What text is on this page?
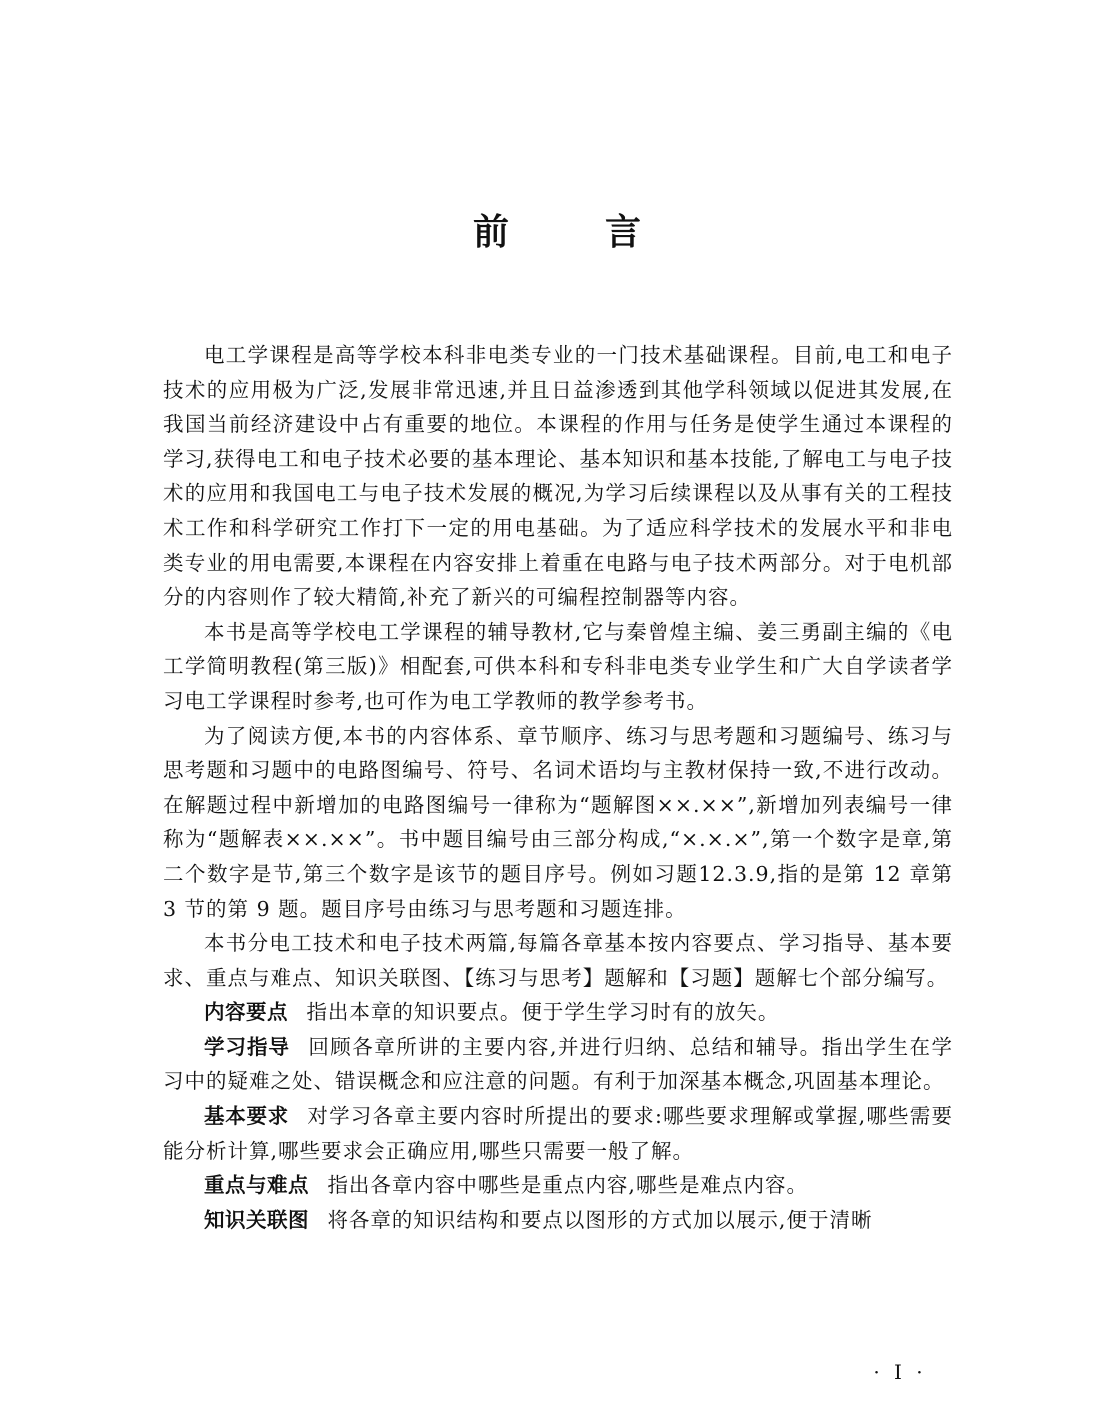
前言

电工学课程是高等学校本科非电类专业的一门技术基础课程。目前,电工和电子技术的应用极为广泛,发展非常迅速,并且日益渗透到其他学科领域以促进其发展,在我国当前经济建设中占有重要的地位。本课程的作用与任务是使学生通过本课程的学习,获得电工和电子技术必要的基本理论、基本知识和基本技能,了解电工与电子技术的应用和我国电工与电子技术发展的概况,为学习后续课程以及从事有关的工程技术工作和科学研究工作打下一定的用电基础。为了适应科学技术的发展水平和非电类专业的用电需要,本课程在内容安排上着重在电路与电子技术两部分。对于电机部分的内容则作了较大精简,补充了新兴的可编程控制器等内容。

本书是高等学校电工学课程的辅导教材,它与秦曾煌主编、姜三勇副主编的《电工学简明教程(第三版)》相配套,可供本科和专科非电类专业学生和广大自学读者学习电工学课程时参考,也可作为电工学教师的教学参考书。

为了阅读方便,本书的内容体系、章节顺序、练习与思考题和习题编号、练习与思考题和习题中的电路图编号、符号、名词术语均与主教材保持一致,不进行改动。在解题过程中新增加的电路图编号一律称为“题解图××.××”,新增加列表编号一律称为“题解表××.××”。书中题目编号由三部分构成,“×.×.×”,第一个数字是章,第二个数字是节,第三个数字是该节的题目序号。例如习题12.3.9,指的是第 12 章第 3 节的第 9 题。题目序号由练习与思考题和习题连排。

本书分电工技术和电子技术两篇,每篇各章基本按内容要点、学习指导、基本要求、重点与难点、知识关联图、【练习与思考】题解和【习题】题解七个部分编写。

内容要点 指出本章的知识要点。便于学生学习时有的放矢。

学习指导 回顾各章所讲的主要内容,并进行归纳、总结和辅导。指出学生在学习中的疑难之处、错误概念和应注意的问题。有利于加深基本概念,巩固基本理论。

基本要求 对学习各章主要内容时所提出的要求:哪些要求理解或掌握,哪些需要能分析计算,哪些要求会正确应用,哪些只需要一般了解。

重点与难点 指出各章内容中哪些是重点内容,哪些是难点内容。

知识关联图 将各章的知识结构和要点以图形的方式加以展示,便于清晰

· I ·
